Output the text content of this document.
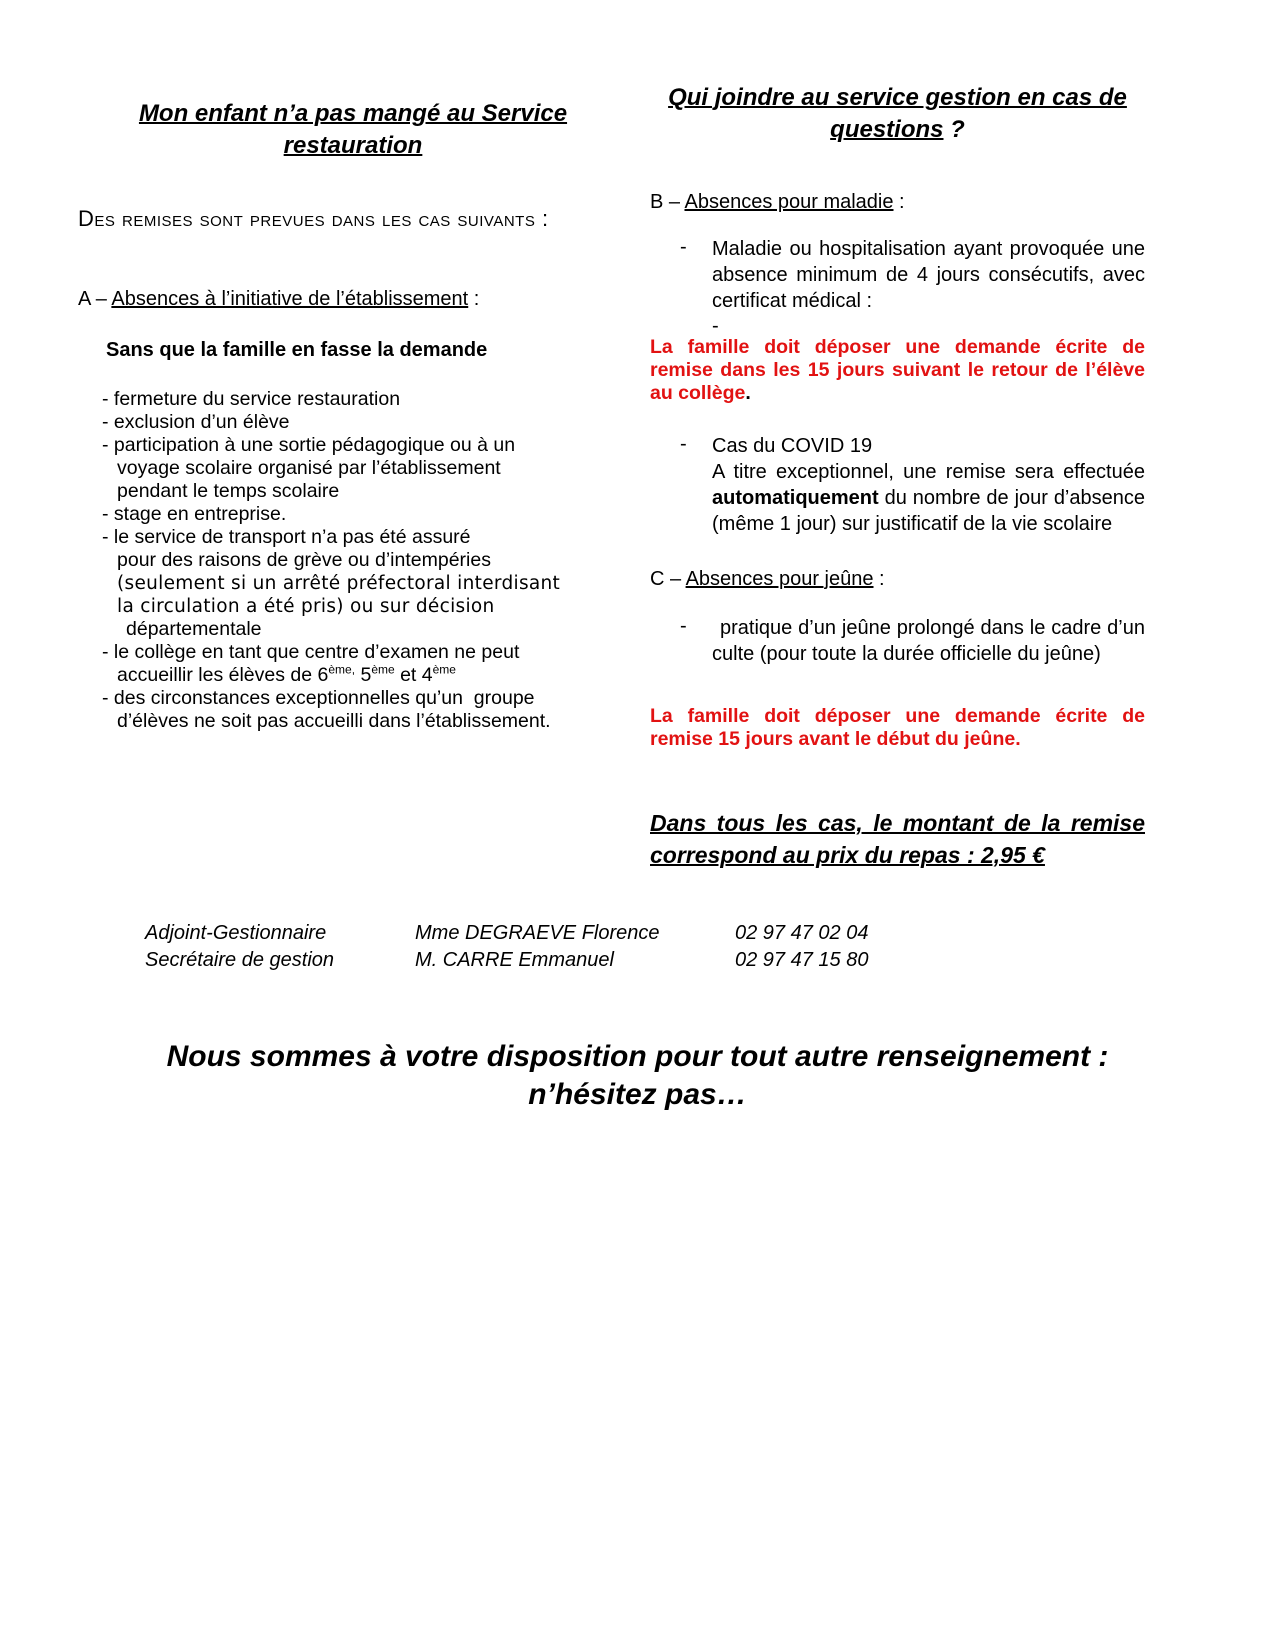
Mon enfant n’a pas mangé au Service
restauration
Des remises sont prevues dans les cas suivants :
A – Absences à l’initiative de l’établissement :
Sans que la famille en fasse la demande
- fermeture du service restauration
- exclusion d’un élève
- participation à une sortie pédagogique ou à un
voyage scolaire organisé par l’établissement
pendant le temps scolaire
- stage en entreprise.
- le service de transport n’a pas été assuré
pour des raisons de grève ou d’intempéries
(seulement si un arrêté préfectoral interdisant
la circulation a été pris) ou sur décision
départementale
- le collège en tant que centre d’examen ne peut
accueillir les élèves de $6^{ème,}$ 5ème et 4ème
- des circonstances exceptionnelles qu’un  groupe
d’élèves ne soit pas accueilli dans l’établissement.
Qui joindre au service gestion en cas de
questions ?
B – Absences pour maladie :
-	Maladie ou hospitalisation ayant provoquée une absence minimum de 4 jours consécutifs, avec certificat médical :
-
La famille doit déposer une demande écrite de remise dans les 15 jours suivant le retour de l’élève au collège.
-	Cas du COVID 19
A titre exceptionnel, une remise sera effectuée automatiquement du nombre de jour d’absence (même 1 jour) sur justificatif de la vie scolaire
C – Absences pour jeûne :
-	pratique d’un jeûne prolongé dans le cadre d’un culte (pour toute la durée officielle du jeûne)
La famille doit déposer une demande écrite de remise 15 jours avant le début du jeûne.
Dans tous les cas, le montant de la remise correspond au prix du repas : 2,95 €
Adjoint-Gestionnaire	Mme DEGRAEVE Florence	02 97 47 02 04
Secrétaire de gestion	M. CARRE Emmanuel	02 97 47 15 80
Nous sommes à votre disposition pour tout autre renseignement :
n’hésitez pas…
